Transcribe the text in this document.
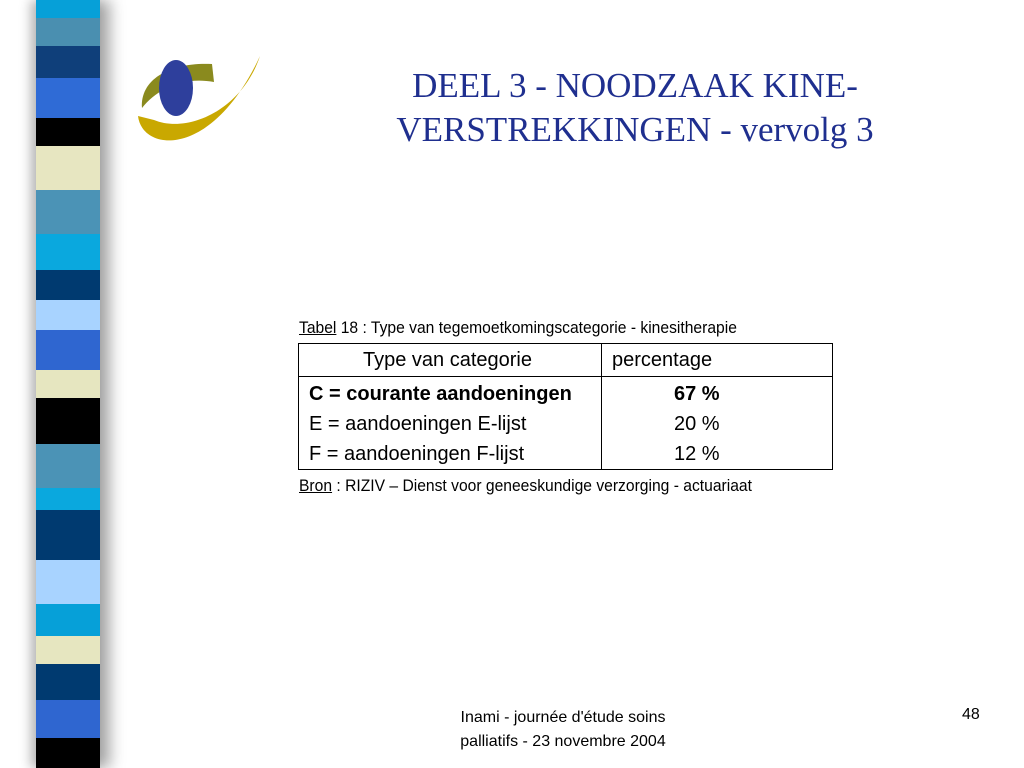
DEEL 3 - NOODZAAK KINE-
VERSTREKKINGEN - vervolg 3
Tabel 18 : Type van tegemoetkomingscategorie - kinesitherapie
Type van categorie	percentage
C = courante aandoeningen	67 %
E = aandoeningen E-lijst	20 %
F = aandoeningen F-lijst	12 %
Bron : RIZIV – Dienst voor geneeskundige verzorging - actuariaat
Inami - journée d'étude soins
palliatifs - 23 novembre 2004
48
